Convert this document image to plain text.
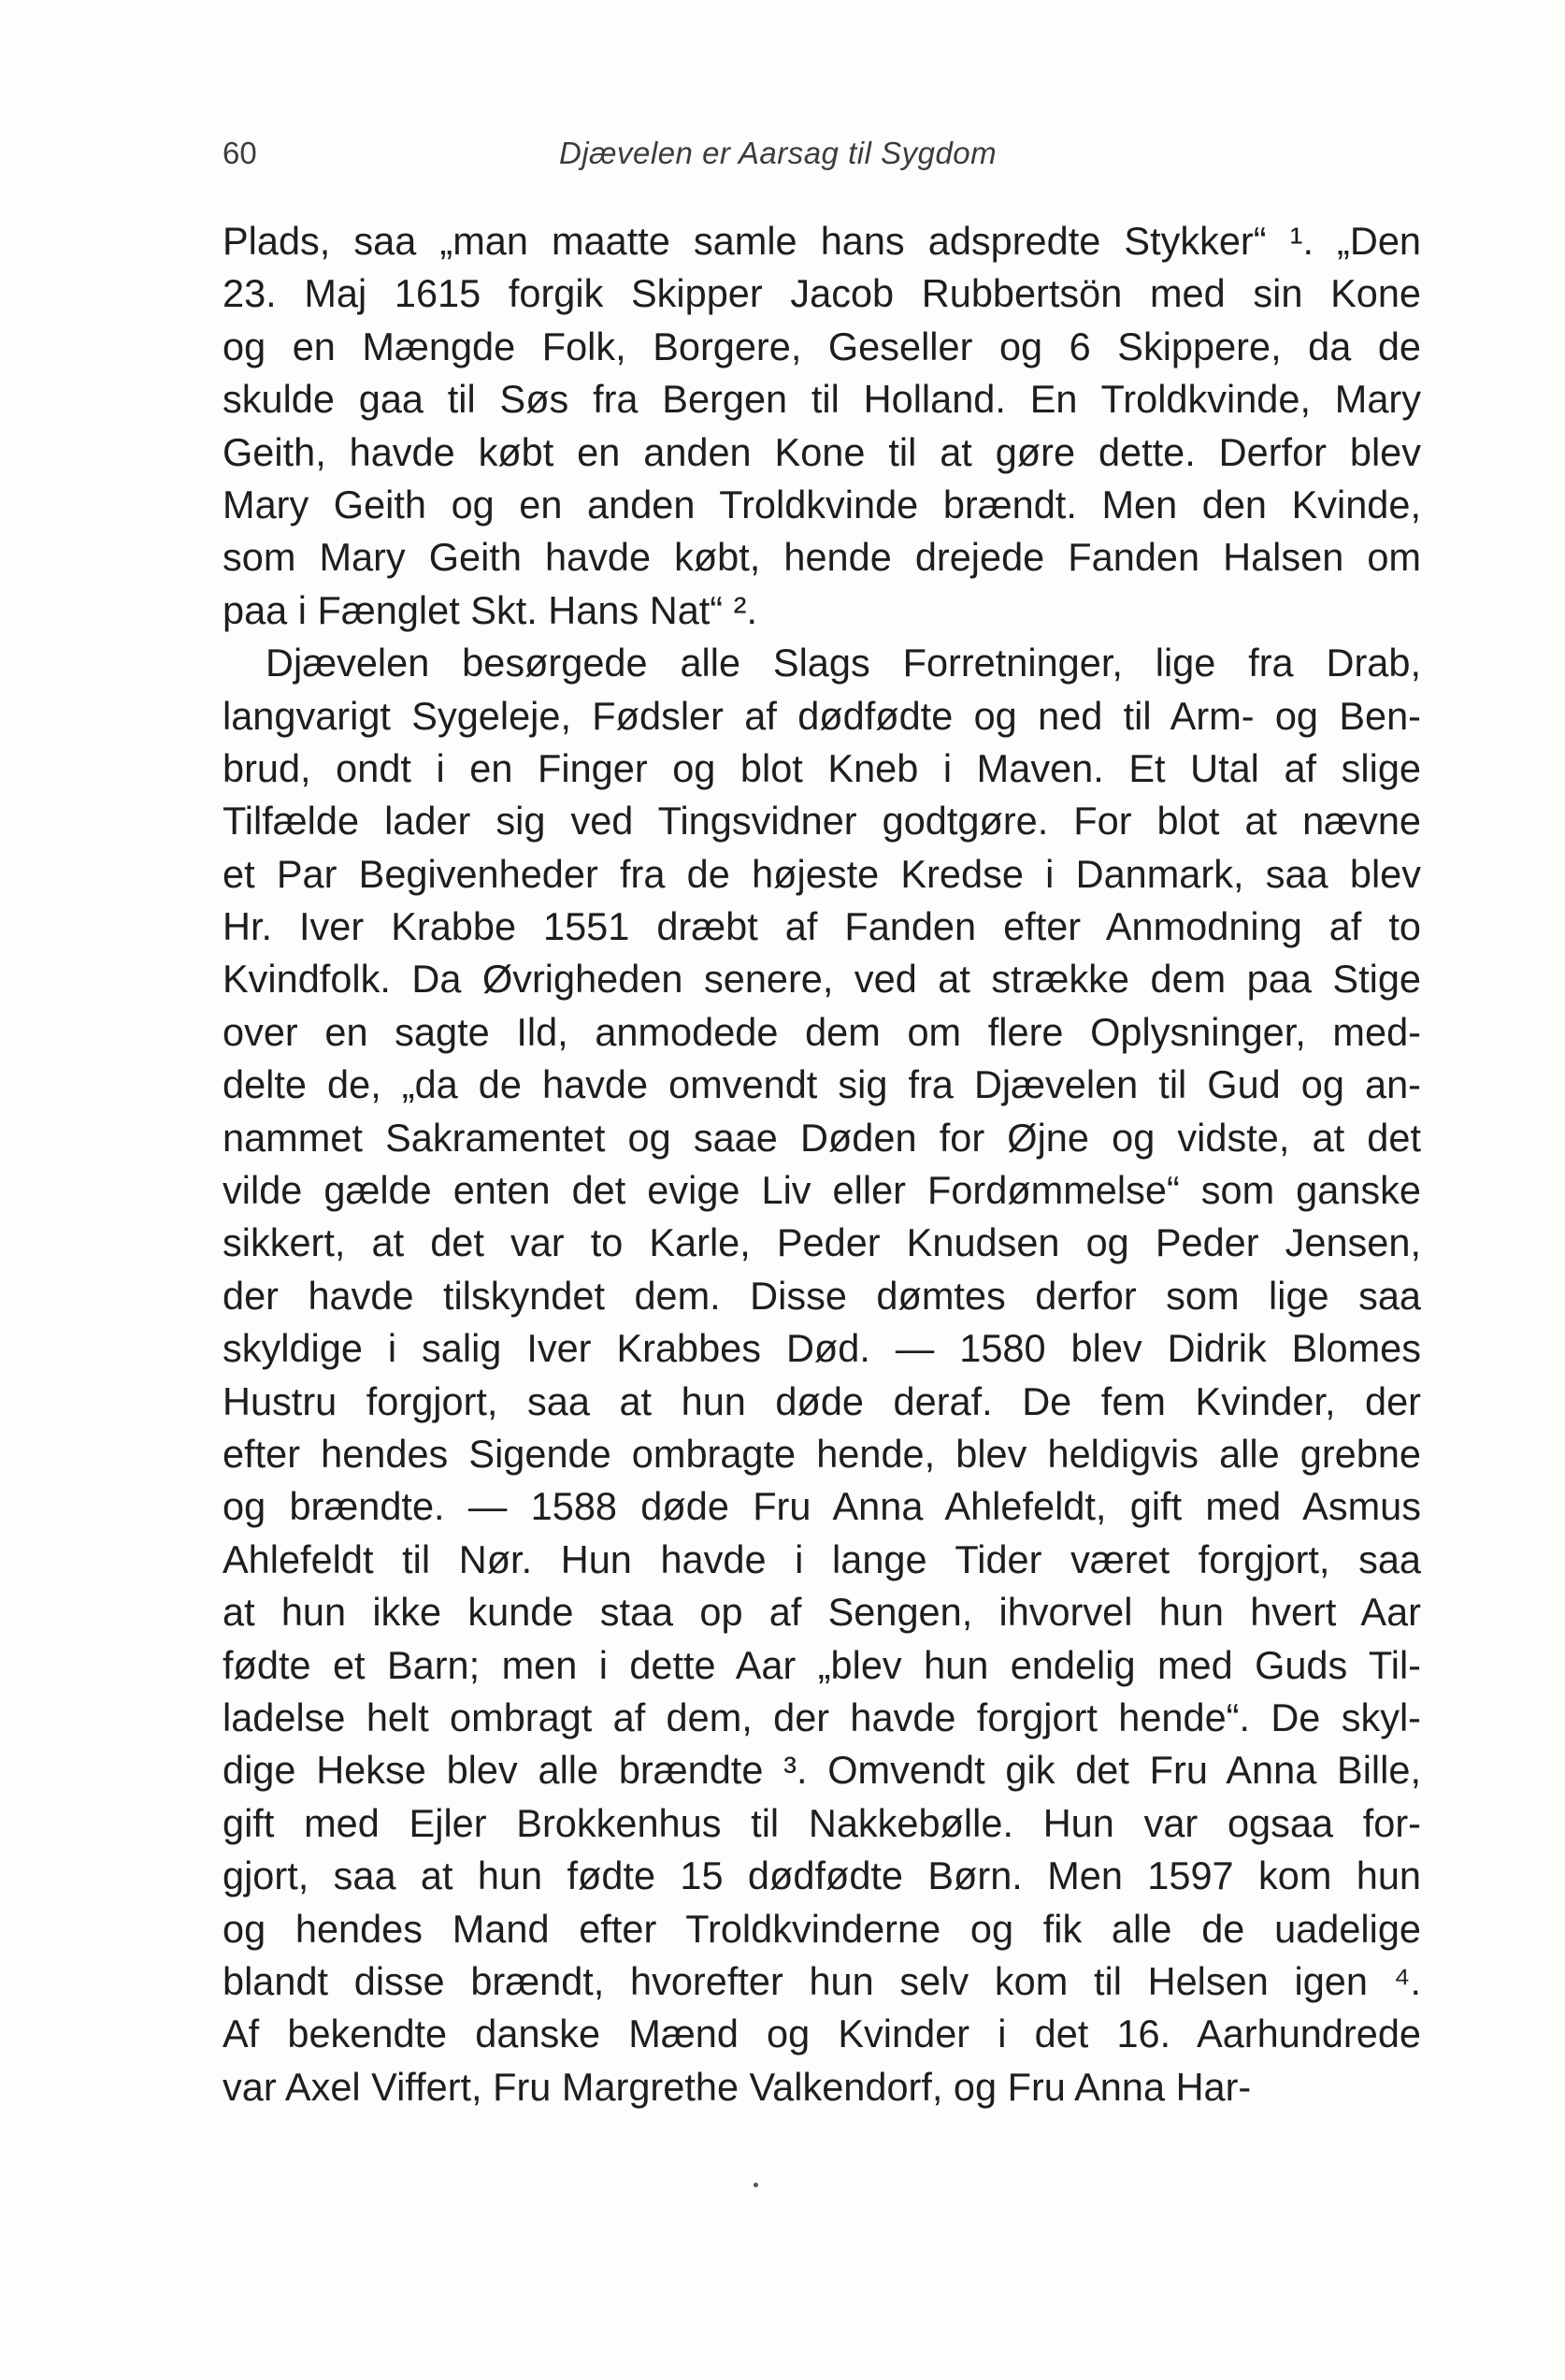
60	Djævelen er Aarsag til Sygdom
Plads, saa „man maatte samle hans adspredte Stykker“ ¹. „Den
23. Maj 1615 forgik Skipper Jacob Rubbertsön med sin Kone
og en Mængde Folk, Borgere, Geseller og 6 Skippere, da de
skulde gaa til Søs fra Bergen til Holland. En Troldkvinde, Mary
Geith, havde købt en anden Kone til at gøre dette. Derfor blev
Mary Geith og en anden Troldkvinde brændt. Men den Kvinde,
som Mary Geith havde købt, hende drejede Fanden Halsen om
paa i Fænglet Skt. Hans Nat“ ².
Djævelen besørgede alle Slags Forretninger, lige fra Drab,
langvarigt Sygeleje, Fødsler af dødfødte og ned til Arm- og Ben-
brud, ondt i en Finger og blot Kneb i Maven. Et Utal af slige
Tilfælde lader sig ved Tingsvidner godtgøre. For blot at nævne
et Par Begivenheder fra de højeste Kredse i Danmark, saa blev
Hr. Iver Krabbe 1551 dræbt af Fanden efter Anmodning af to
Kvindfolk. Da Øvrigheden senere, ved at strække dem paa Stige
over en sagte Ild, anmodede dem om flere Oplysninger, med-
delte de, „da de havde omvendt sig fra Djævelen til Gud og an-
nammet Sakramentet og saae Døden for Øjne og vidste, at det
vilde gælde enten det evige Liv eller Fordømmelse“ som ganske
sikkert, at det var to Karle, Peder Knudsen og Peder Jensen,
der havde tilskyndet dem. Disse dømtes derfor som lige saa
skyldige i salig Iver Krabbes Død. — 1580 blev Didrik Blomes
Hustru forgjort, saa at hun døde deraf. De fem Kvinder, der
efter hendes Sigende ombragte hende, blev heldigvis alle grebne
og brændte. — 1588 døde Fru Anna Ahlefeldt, gift med Asmus
Ahlefeldt til Nør. Hun havde i lange Tider været forgjort, saa
at hun ikke kunde staa op af Sengen, ihvorvel hun hvert Aar
fødte et Barn; men i dette Aar „blev hun endelig med Guds Til-
ladelse helt ombragt af dem, der havde forgjort hende“. De skyl-
dige Hekse blev alle brændte ³. Omvendt gik det Fru Anna Bille,
gift med Ejler Brokkenhus til Nakkebølle. Hun var ogsaa for-
gjort, saa at hun fødte 15 dødfødte Børn. Men 1597 kom hun
og hendes Mand efter Troldkvinderne og fik alle de uadelige
blandt disse brændt, hvorefter hun selv kom til Helsen igen ⁴.
Af bekendte danske Mænd og Kvinder i det 16. Aarhundrede
var Axel Viffert, Fru Margrethe Valkendorf, og Fru Anna Har-
